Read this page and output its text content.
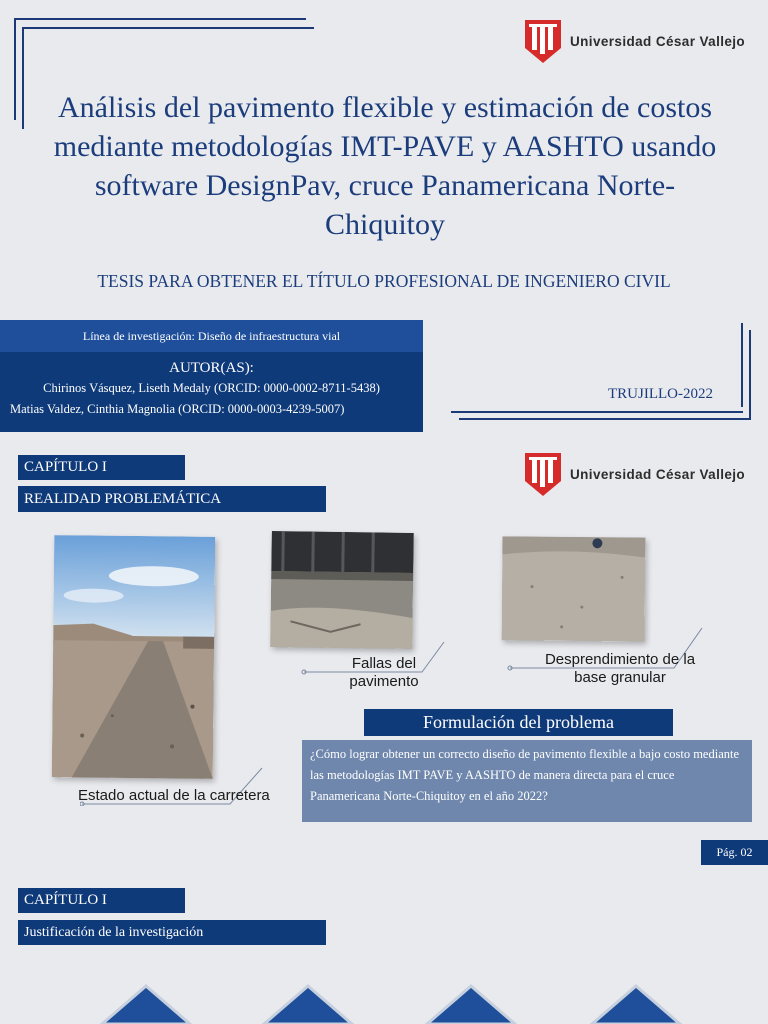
Universidad César Vallejo
Análisis del pavimento flexible y estimación de costos mediante metodologías IMT-PAVE y AASHTO usando software DesignPav, cruce Panamericana Norte-Chiquitoy
TESIS PARA OBTENER EL TÍTULO PROFESIONAL DE INGENIERO CIVIL
Línea de investigación: Diseño de infraestructura vial
AUTOR(AS):
Chirinos Vásquez, Liseth Medaly (ORCID: 0000-0002-8711-5438)
Matias Valdez, Cinthia Magnolia (ORCID: 0000-0003-4239-5007)
TRUJILLO-2022
CAPÍTULO I
REALIDAD PROBLEMÁTICA
Universidad César Vallejo
Estado actual de la carretera
Fallas del pavimento
Desprendimiento de la base granular
Formulación del problema
¿Cómo lograr obtener un correcto diseño de pavimento flexible a bajo costo mediante las metodologías IMT PAVE y AASHTO de manera directa para el cruce Panamericana Norte-Chiquitoy en el año 2022?
Pág. 02
CAPÍTULO I
Justificación de la investigación
